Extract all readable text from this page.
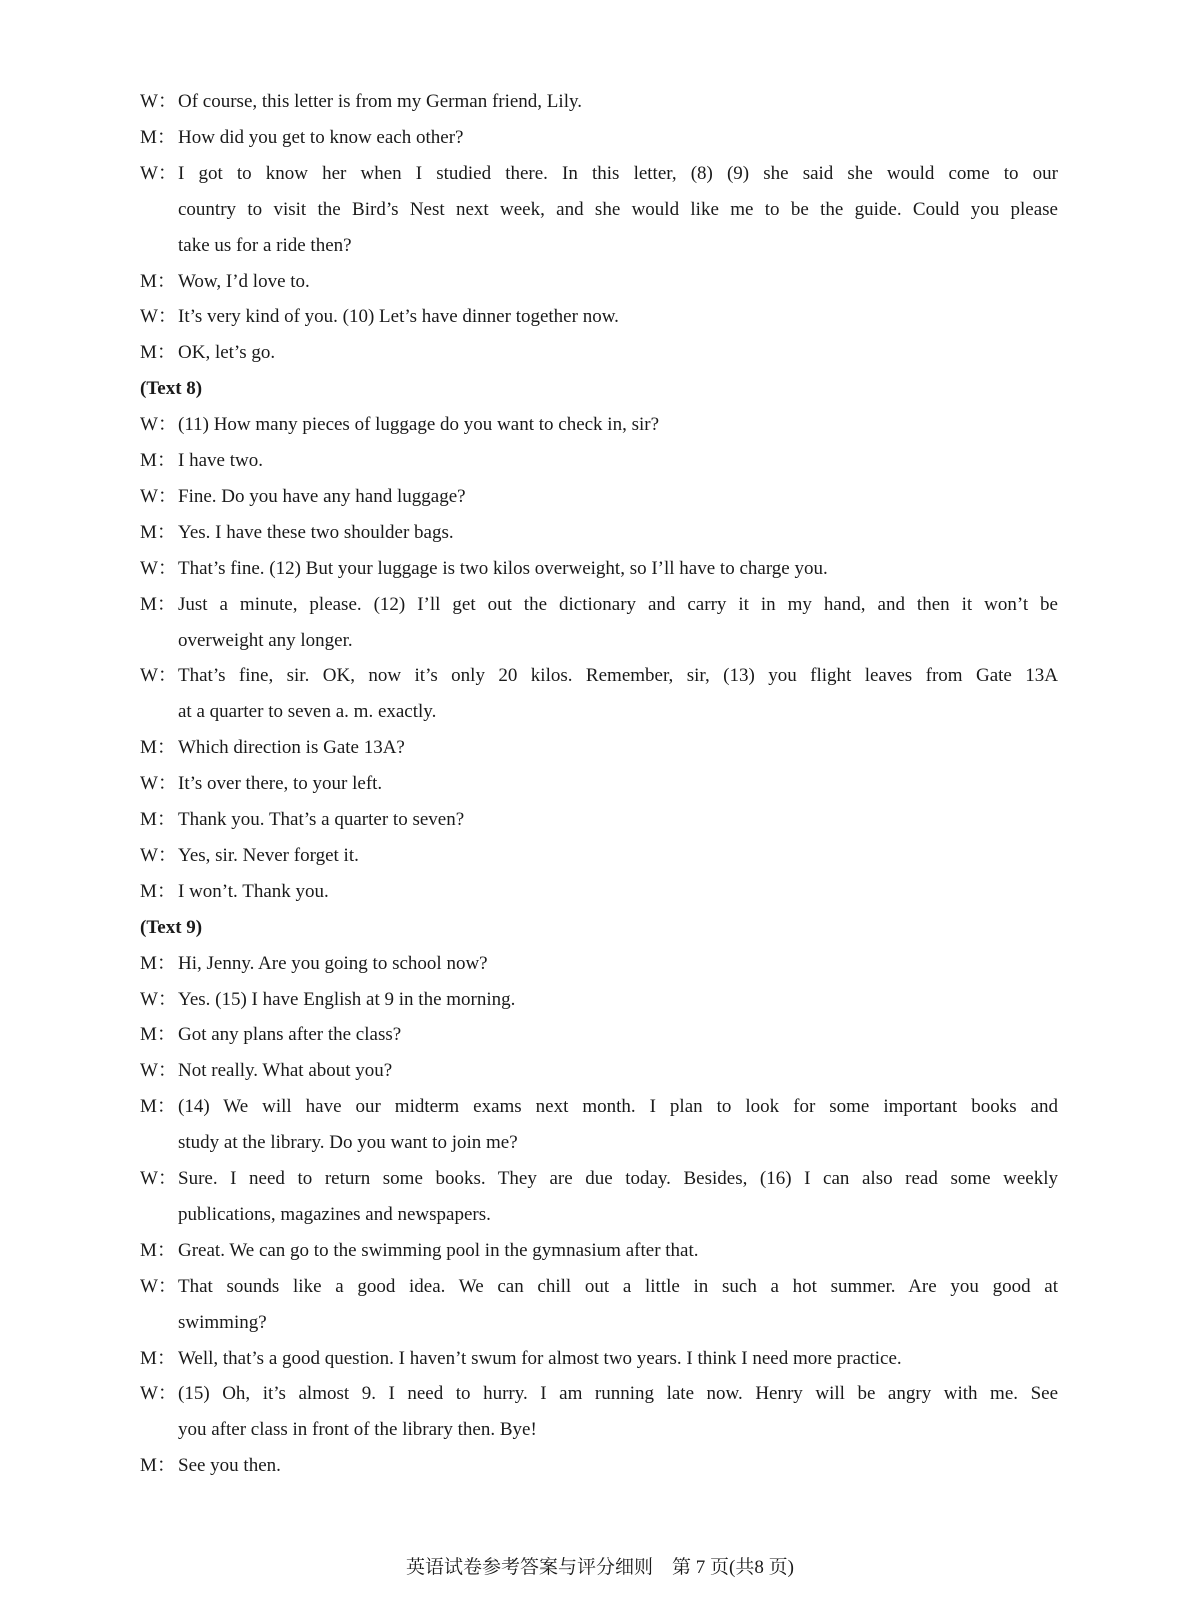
W： Of course, this letter is from my German friend, Lily.
M： How did you get to know each other?
W： I got to know her when I studied there. In this letter, (8) (9) she said she would come to our
country to visit the Bird’s Nest next week, and she would like me to be the guide. Could you please
take us for a ride then?
M： Wow, I’d love to.
W： It’s very kind of you. (10) Let’s have dinner together now.
M： OK, let’s go.
(Text 8)
W： (11) How many pieces of luggage do you want to check in, sir?
M： I have two.
W： Fine. Do you have any hand luggage?
M： Yes. I have these two shoulder bags.
W： That’s fine. (12) But your luggage is two kilos overweight, so I’ll have to charge you.
M： Just a minute, please. (12) I’ll get out the dictionary and carry it in my hand, and then it won’t be
overweight any longer.
W： That’s fine, sir. OK, now it’s only 20 kilos. Remember, sir, (13) you flight leaves from Gate 13A
at a quarter to seven a. m. exactly.
M： Which direction is Gate 13A?
W： It’s over there, to your left.
M： Thank you. That’s a quarter to seven?
W： Yes, sir. Never forget it.
M： I won’t. Thank you.
(Text 9)
M： Hi, Jenny. Are you going to school now?
W： Yes. (15) I have English at 9 in the morning.
M： Got any plans after the class?
W： Not really. What about you?
M： (14) We will have our midterm exams next month. I plan to look for some important books and
study at the library. Do you want to join me?
W： Sure. I need to return some books. They are due today. Besides, (16) I can also read some weekly
publications, magazines and newspapers.
M： Great. We can go to the swimming pool in the gymnasium after that.
W： That sounds like a good idea. We can chill out a little in such a hot summer. Are you good at
swimming?
M： Well, that’s a good question. I haven’t swum for almost two years. I think I need more practice.
W： (15) Oh, it’s almost 9. I need to hurry. I am running late now. Henry will be angry with me. See
you after class in front of the library then. Bye!
M： See you then.
英语试卷参考答案与评分细则　第 7 页(共8 页)
